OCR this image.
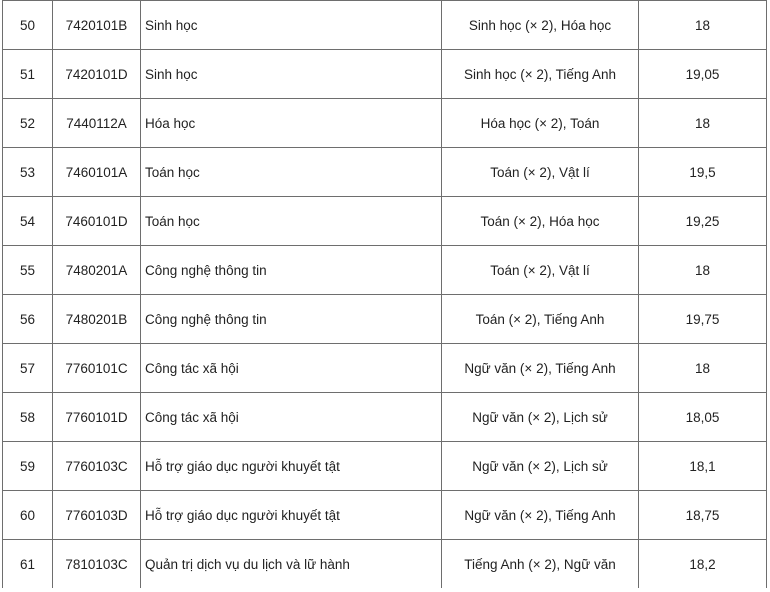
50	7420101B	Sinh học	Sinh học (× 2), Hóa học	18
51	7420101D	Sinh học	Sinh học (× 2), Tiếng Anh	19,05
52	7440112A	Hóa học	Hóa học (× 2), Toán	18
53	7460101A	Toán học	Toán (× 2), Vật lí	19,5
54	7460101D	Toán học	Toán (× 2), Hóa học	19,25
55	7480201A	Công nghệ thông tin	Toán (× 2), Vật lí	18
56	7480201B	Công nghệ thông tin	Toán (× 2), Tiếng Anh	19,75
57	7760101C	Công tác xã hội	Ngữ văn (× 2), Tiếng Anh	18
58	7760101D	Công tác xã hội	Ngữ văn (× 2), Lịch sử	18,05
59	7760103C	Hỗ trợ giáo dục người khuyết tật	Ngữ văn (× 2), Lịch sử	18,1
60	7760103D	Hỗ trợ giáo dục người khuyết tật	Ngữ văn (× 2), Tiếng Anh	18,75
61	7810103C	Quản trị dịch vụ du lịch và lữ hành	Tiếng Anh (× 2), Ngữ văn	18,2
